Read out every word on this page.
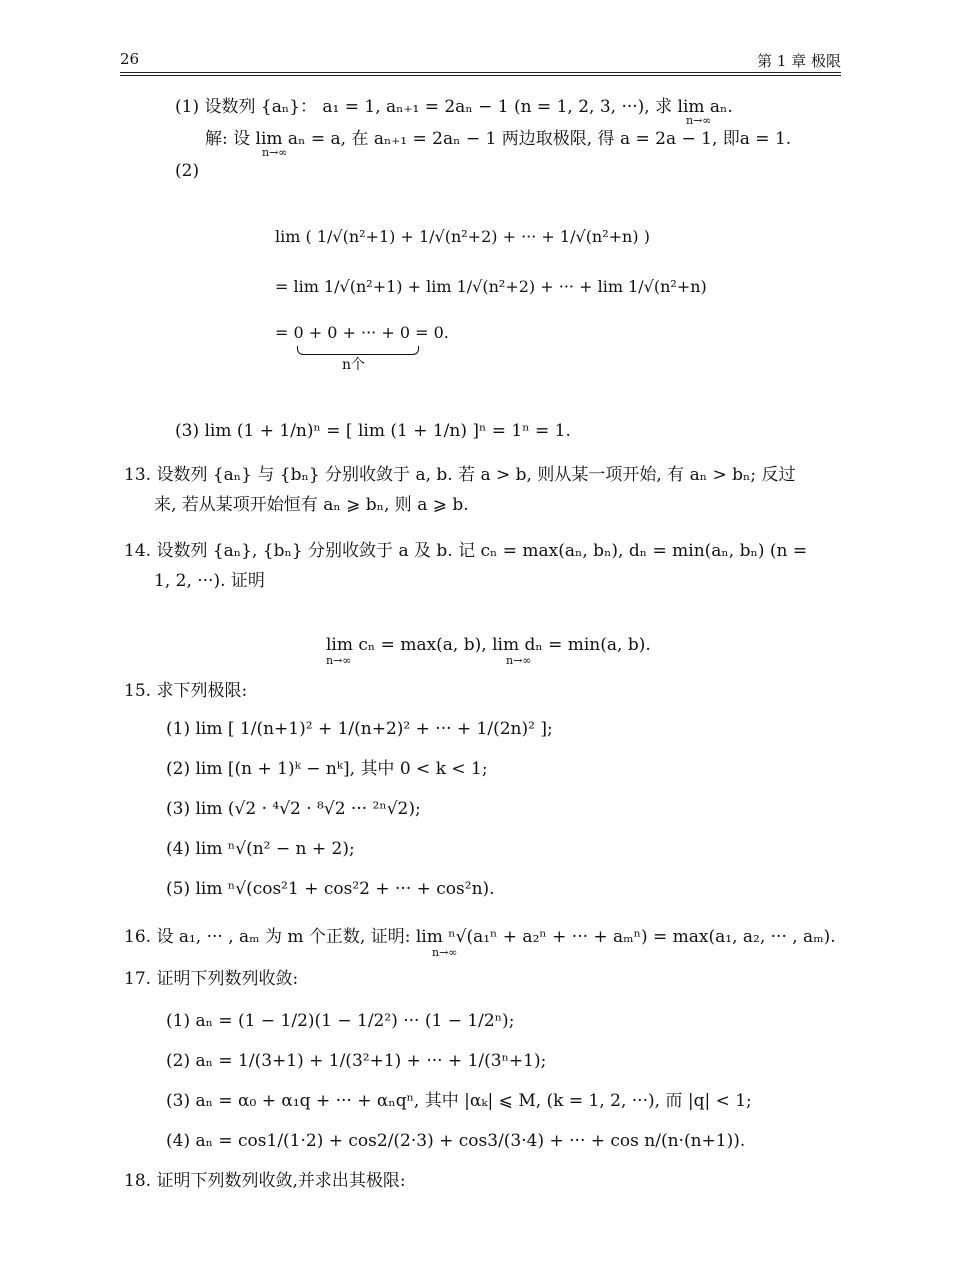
26	第 1 章 极限
(1) 设数列 {aₙ}： a₁ = 1, aₙ₊₁ = 2aₙ − 1 (n = 1, 2, 3, ···), 求 lim aₙ.
n→∞
解: 设 lim aₙ = a, 在 aₙ₊₁ = 2aₙ − 1 两边取极限, 得 a = 2a − 1, 即a = 1.
n→∞
(2)
lim ( 1/√(n²+1) + 1/√(n²+2) + ··· + 1/√(n²+n) )
= lim 1/√(n²+1) + lim 1/√(n²+2) + ··· + lim 1/√(n²+n)
= 0 + 0 + ··· + 0 = 0.
n个
(3) lim (1 + 1/n)ⁿ = [ lim (1 + 1/n) ]ⁿ = 1ⁿ = 1.
13. 设数列 {aₙ} 与 {bₙ} 分别收敛于 a, b. 若 a > b, 则从某一项开始, 有 aₙ > bₙ; 反过
来, 若从某项开始恒有 aₙ ⩾ bₙ, 则 a ⩾ b.
14. 设数列 {aₙ}, {bₙ} 分别收敛于 a 及 b. 记 cₙ = max(aₙ, bₙ), dₙ = min(aₙ, bₙ) (n =
1, 2, ···). 证明
lim cₙ = max(a, b), lim dₙ = min(a, b).
n→∞	n→∞
15. 求下列极限:
(1) lim [ 1/(n+1)² + 1/(n+2)² + ··· + 1/(2n)² ];
(2) lim [(n + 1)ᵏ − nᵏ], 其中 0 < k < 1;
(3) lim (√2 · ⁴√2 · ⁸√2 ··· ²ⁿ√2);
(4) lim ⁿ√(n² − n + 2);
(5) lim ⁿ√(cos²1 + cos²2 + ··· + cos²n).
16. 设 a₁, ··· , aₘ 为 m 个正数, 证明: lim ⁿ√(a₁ⁿ + a₂ⁿ + ··· + aₘⁿ) = max(a₁, a₂, ··· , aₘ).
n→∞
17. 证明下列数列收敛:
(1) aₙ = (1 − 1/2)(1 − 1/2²) ··· (1 − 1/2ⁿ);
(2) aₙ = 1/(3+1) + 1/(3²+1) + ··· + 1/(3ⁿ+1);
(3) aₙ = α₀ + α₁q + ··· + αₙqⁿ, 其中 |αₖ| ⩽ M, (k = 1, 2, ···), 而 |q| < 1;
(4) aₙ = cos1/(1·2) + cos2/(2·3) + cos3/(3·4) + ··· + cos n/(n·(n+1)).
18. 证明下列数列收敛,并求出其极限:
